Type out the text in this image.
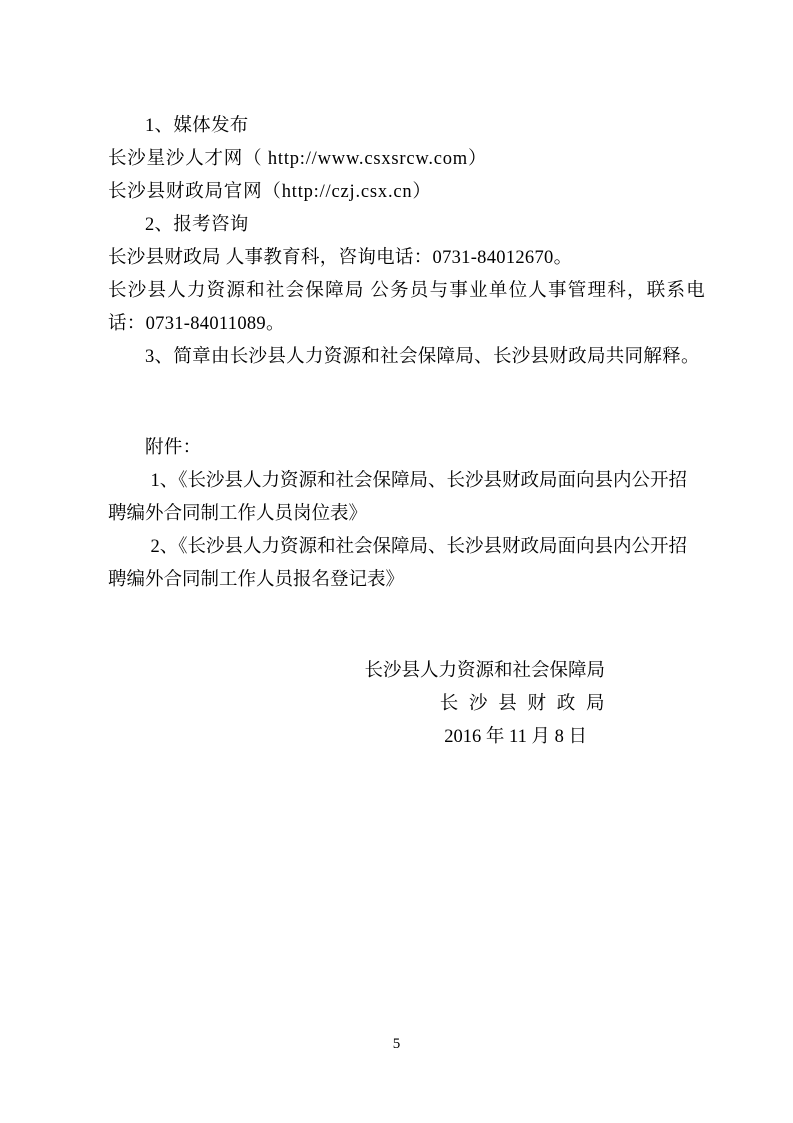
1、媒体发布

长沙星沙人才网（ http://www.csxsrcw.com）

长沙县财政局官网（http://czj.csx.cn）

2、报考咨询

长沙县财政局 人事教育科，咨询电话：0731-84012670。

长沙县人力资源和社会保障局 公务员与事业单位人事管理科，联系电话：0731-84011089。

3、简章由长沙县人力资源和社会保障局、长沙县财政局共同解释。

附件：

1、《长沙县人力资源和社会保障局、长沙县财政局面向县内公开招聘编外合同制工作人员岗位表》

2、《长沙县人力资源和社会保障局、长沙县财政局面向县内公开招聘编外合同制工作人员报名登记表》

长沙县人力资源和社会保障局
长  沙  县  财  政  局
2016 年 11 月 8 日
5
